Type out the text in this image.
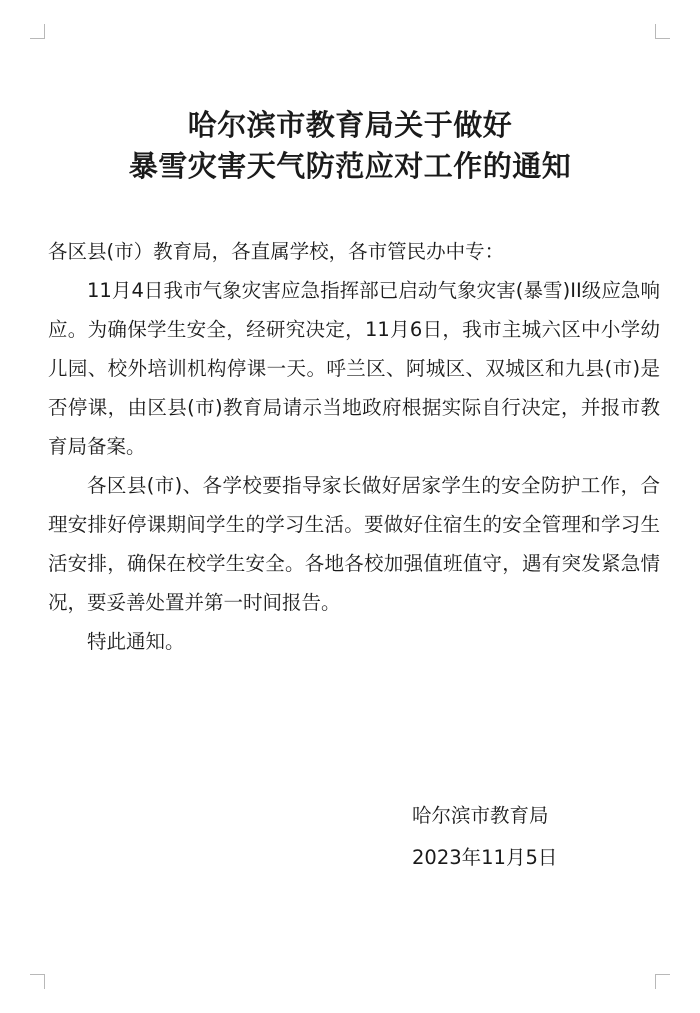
哈尔滨市教育局关于做好
暴雪灾害天气防范应对工作的通知

各区县(市）教育局，各直属学校，各市管民办中专：

11月4日我市气象灾害应急指挥部已启动气象灾害(暴雪)II级应急响应。为确保学生安全，经研究决定，11月6日，我市主城六区中小学幼儿园、校外培训机构停课一天。呼兰区、阿城区、双城区和九县(市)是否停课，由区县(市)教育局请示当地政府根据实际自行决定，并报市教育局备案。

各区县(市)、各学校要指导家长做好居家学生的安全防护工作，合理安排好停课期间学生的学习生活。要做好住宿生的安全管理和学习生活安排，确保在校学生安全。各地各校加强值班值守，遇有突发紧急情况，要妥善处置并第一时间报告。

特此通知。

哈尔滨市教育局
2023年11月5日
